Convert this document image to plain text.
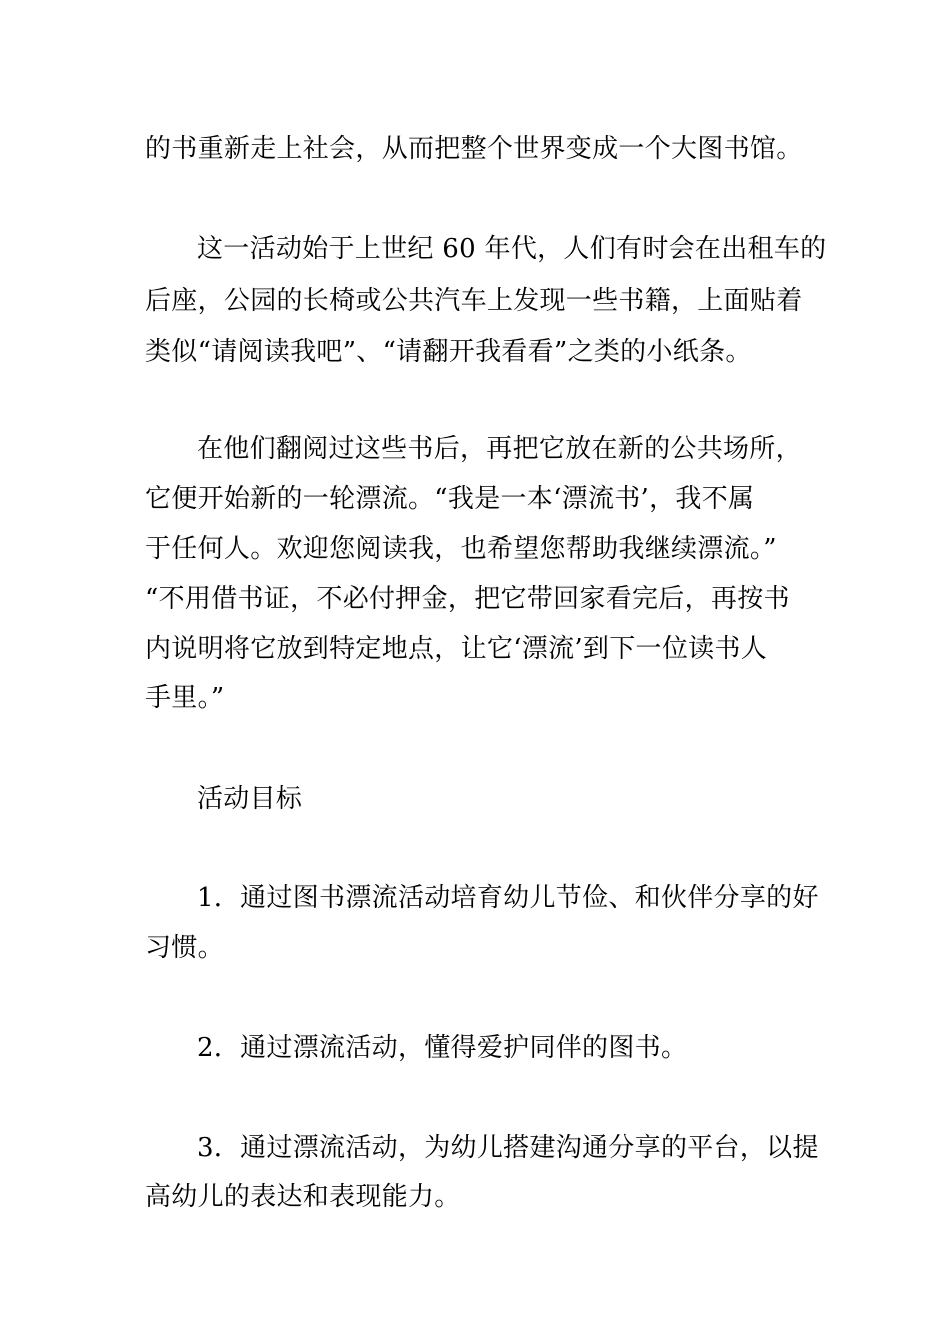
的书重新走上社会，从而把整个世界变成一个大图书馆。
这一活动始于上世纪 60 年代，人们有时会在出租车的
后座，公园的长椅或公共汽车上发现一些书籍，上面贴着
类似“请阅读我吧”、“请翻开我看看”之类的小纸条。
在他们翻阅过这些书后，再把它放在新的公共场所，
它便开始新的一轮漂流。“我是一本‘漂流书’，我不属
于任何人。欢迎您阅读我，也希望您帮助我继续漂流。”
“不用借书证，不必付押金，把它带回家看完后，再按书
内说明将它放到特定地点，让它‘漂流’到下一位读书人
手里。”
活动目标
1．通过图书漂流活动培育幼儿节俭、和伙伴分享的好
习惯。
2．通过漂流活动，懂得爱护同伴的图书。
3．通过漂流活动，为幼儿搭建沟通分享的平台，以提
高幼儿的表达和表现能力。
